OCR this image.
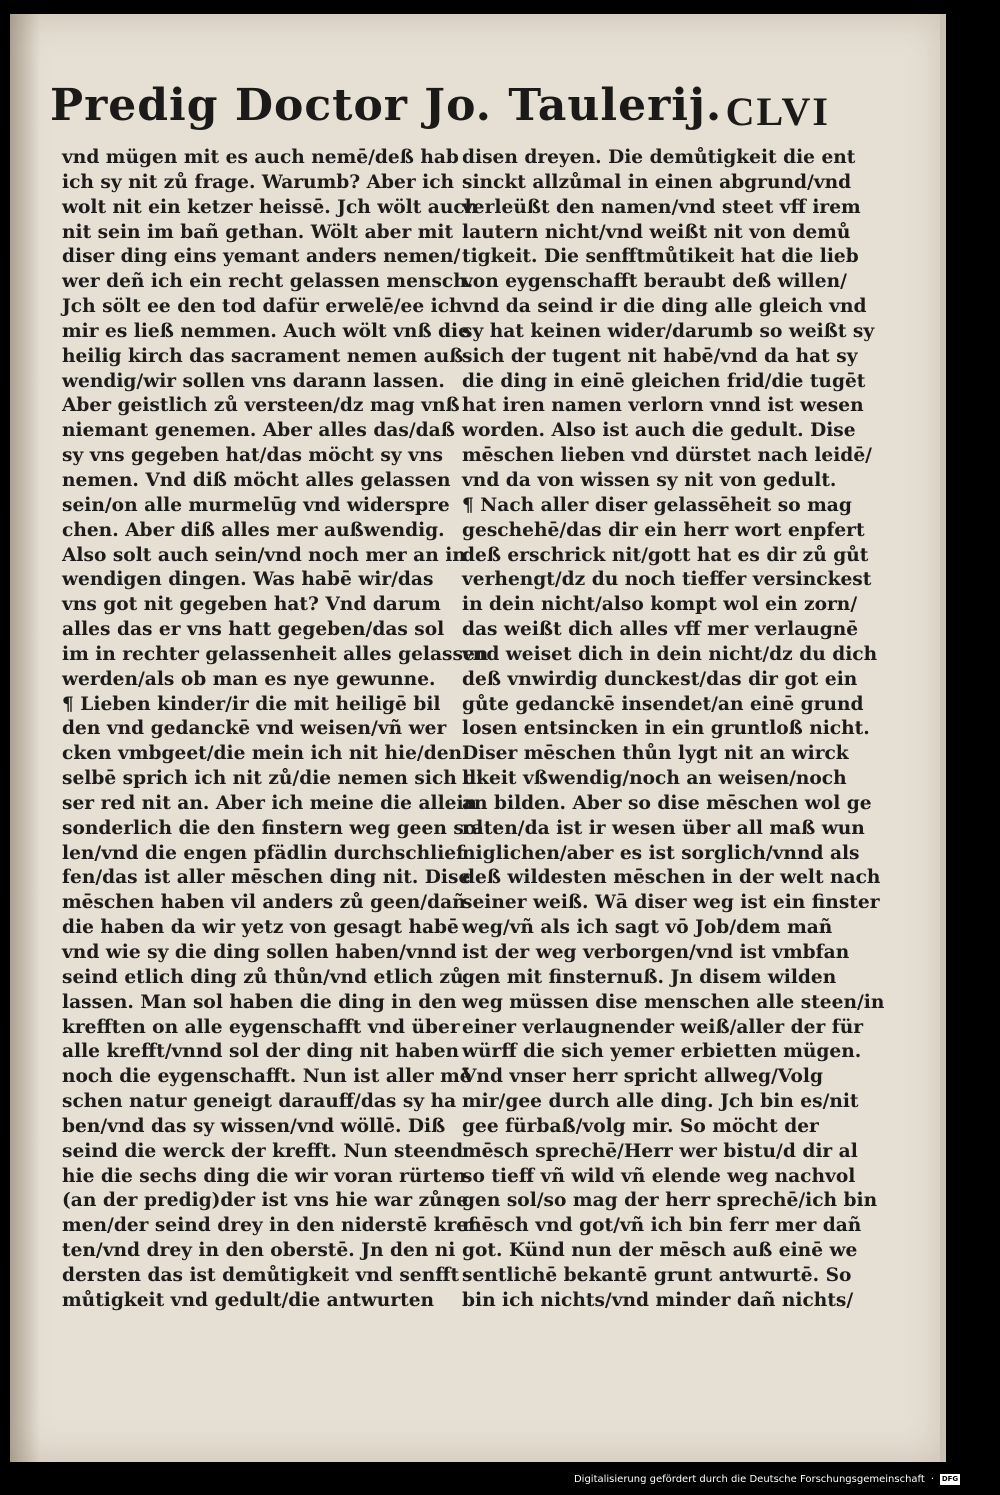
Predig Doctor Jo. Taulerij. CLVI
vnd mügen mit es auch nemē/deß hab
ich sy nit zů frage. Warumb? Aber ich
wolt nit ein ketzer heissē. Jch wölt auch
nit sein im bañ gethan. Wölt aber mit
diser ding eins yemant anders nemen/
wer deñ ich ein recht gelassen mensch.
Jch sölt ee den tod dafür erwelē/ee ich
mir es ließ nemmen. Auch wölt vnß die
heilig kirch das sacrament nemen auß
wendig/wir sollen vns darann lassen.
Aber geistlich zů versteen/dz mag vnß
niemant genemen. Aber alles das/daß
sy vns gegeben hat/das möcht sy vns
nemen. Vnd diß möcht alles gelassen
sein/on alle murmelūg vnd widerspre
chen. Aber diß alles mer außwendig.
Also solt auch sein/vnd noch mer an in
wendigen dingen. Was habē wir/das
vns got nit gegeben hat? Vnd darum
alles das er vns hatt gegeben/das sol
im in rechter gelassenheit alles gelassen
werden/als ob man es nye gewunne.
¶ Lieben kinder/ir die mit heiligē bil
den vnd gedanckē vnd weisen/vñ wer
cken vmbgeet/die mein ich nit hie/den
selbē sprich ich nit zů/die nemen sich di
ser red nit an. Aber ich meine die allein
sonderlich die den finstern weg geen sol
len/vnd die engen pfädlin durchschlief
fen/das ist aller mēschen ding nit. Dise
mēschen haben vil anders zů geen/dañ
die haben da wir yetz von gesagt habē
vnd wie sy die ding sollen haben/vnnd
seind etlich ding zů thůn/vnd etlich zů
lassen. Man sol haben die ding in den
krefften on alle eygenschafft vnd über
alle krefft/vnnd sol der ding nit haben
noch die eygenschafft. Nun ist aller mē
schen natur geneigt darauff/das sy ha
ben/vnd das sy wissen/vnd wöllē. Diß
seind die werck der krefft. Nun steend
hie die sechs ding die wir voran rürten
(an der predig)der ist vns hie war zůne
men/der seind drey in den niderstē kref
ten/vnd drey in den oberstē. Jn den ni
dersten das ist demůtigkeit vnd senfft
můtigkeit vnd gedult/die antwurten
disen dreyen. Die demůtigkeit die ent
sinckt allzůmal in einen abgrund/vnd
verleüßt den namen/vnd steet vff irem
lautern nicht/vnd weißt nit von demů
tigkeit. Die senfftmůtikeit hat die lieb
von eygenschafft beraubt deß willen/
vnd da seind ir die ding alle gleich vnd
sy hat keinen wider/darumb so weißt sy
sich der tugent nit habē/vnd da hat sy
die ding in einē gleichen frid/die tugēt
hat iren namen verlorn vnnd ist wesen
worden. Also ist auch die gedult. Dise
mēschen lieben vnd dürstet nach leidē/
vnd da von wissen sy nit von gedult.
¶ Nach aller diser gelassēheit so mag
geschehē/das dir ein herr wort enpfert
deß erschrick nit/gott hat es dir zů gůt
verhengt/dz du noch tieffer versinckest
in dein nicht/also kompt wol ein zorn/
das weißt dich alles vff mer verlaugnē
vnd weiset dich in dein nicht/dz du dich
deß vnwirdig dunckest/das dir got ein
gůte gedanckē insendet/an einē grund
losen entsincken in ein gruntloß nicht.
Diser mēschen thůn lygt nit an wirck
likeit vßwendig/noch an weisen/noch
an bilden. Aber so dise mēschen wol ge
raten/da ist ir wesen über all maß wun
niglichen/aber es ist sorglich/vnnd als
deß wildesten mēschen in der welt nach
seiner weiß. Wā diser weg ist ein finster
weg/vñ als ich sagt vō Job/dem mañ
ist der weg verborgen/vnd ist vmbfan
gen mit finsternuß. Jn disem wilden
weg müssen dise menschen alle steen/in
einer verlaugnender weiß/aller der für
würff die sich yemer erbietten mügen.
Vnd vnser herr spricht allweg/Volg
mir/gee durch alle ding. Jch bin es/nit
gee fürbaß/volg mir. So möcht der
mēsch sprechē/Herr wer bistu/d dir al
so tieff vñ wild vñ elende weg nachvol
gen sol/so mag der herr sprechē/ich bin
mēsch vnd got/vñ ich bin ferr mer dañ
got. Künd nun der mēsch auß einē we
sentlichē bekantē grunt antwurtē. So
bin ich nichts/vnd minder dañ nichts/
Digitalisierung gefördert durch die Deutsche Forschungsgemeinschaft · DFG
